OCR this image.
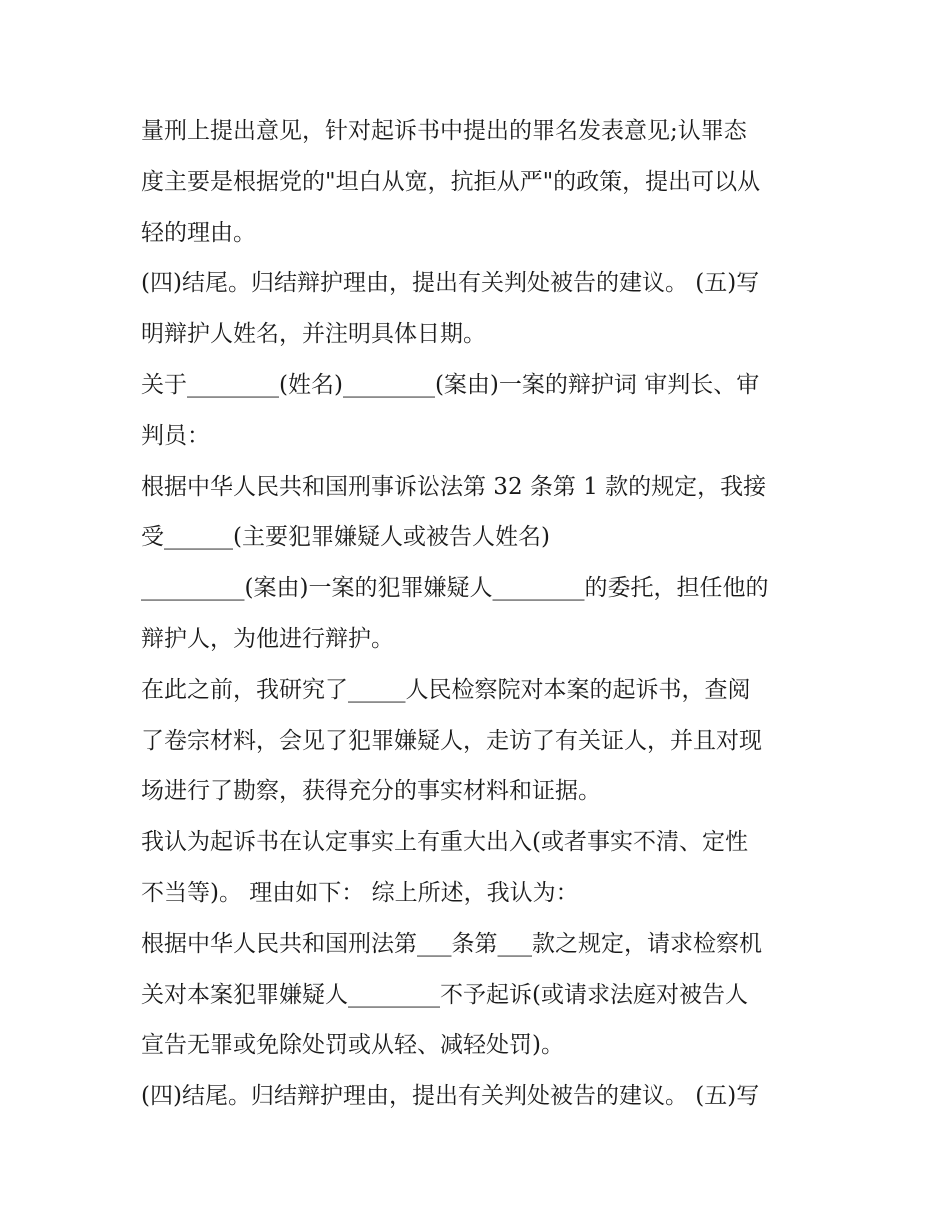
量刑上提出意见，针对起诉书中提出的罪名发表意见;认罪态
度主要是根据党的"坦白从宽，抗拒从严"的政策，提出可以从
轻的理由。
(四)结尾。归结辩护理由，提出有关判处被告的建议。 (五)写
明辩护人姓名，并注明具体日期。
关于________(姓名)________(案由)一案的辩护词 审判长、审
判员：
根据中华人民共和国刑事诉讼法第 32 条第 1 款的规定，我接
受______(主要犯罪嫌疑人或被告人姓名)
_________(案由)一案的犯罪嫌疑人________的委托，担任他的
辩护人，为他进行辩护。
在此之前，我研究了_____人民检察院对本案的起诉书，查阅
了卷宗材料，会见了犯罪嫌疑人，走访了有关证人，并且对现
场进行了勘察，获得充分的事实材料和证据。
我认为起诉书在认定事实上有重大出入(或者事实不清、定性
不当等)。 理由如下： 综上所述，我认为：
根据中华人民共和国刑法第___条第___款之规定，请求检察机
关对本案犯罪嫌疑人________不予起诉(或请求法庭对被告人
宣告无罪或免除处罚或从轻、减轻处罚)。
(四)结尾。归结辩护理由，提出有关判处被告的建议。 (五)写
